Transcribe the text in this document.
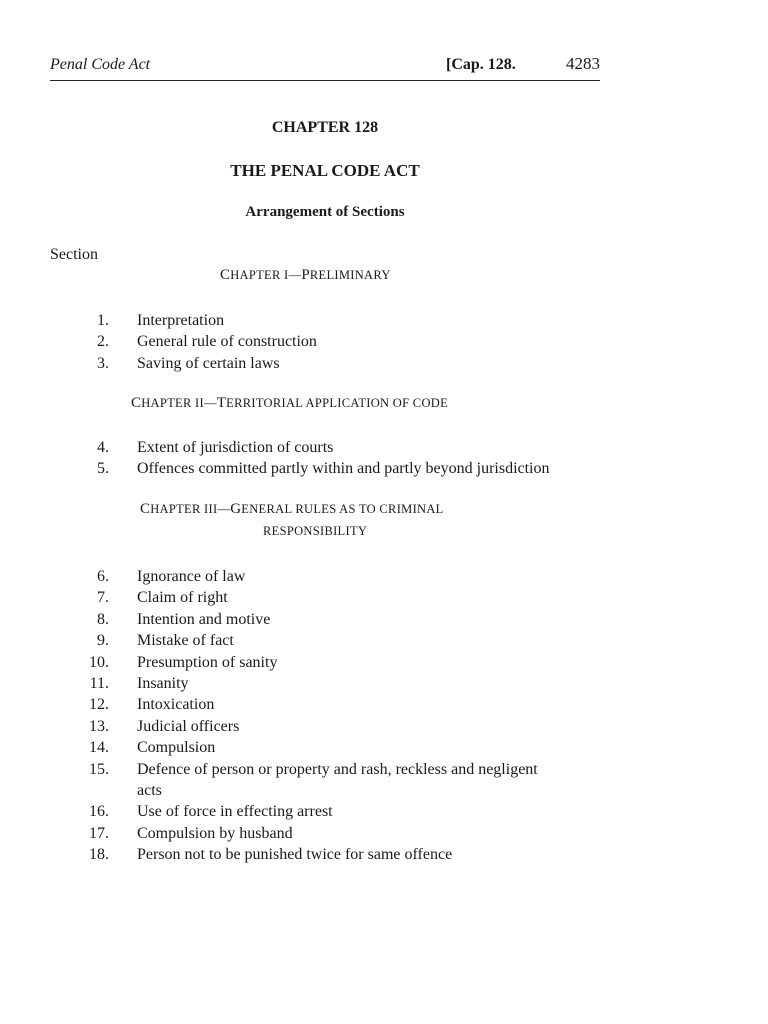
Penal Code Act	[Cap. 128.	4283
CHAPTER 128
THE PENAL CODE ACT
Arrangement of Sections
Section
CHAPTER I—PRELIMINARY
1. Interpretation
2. General rule of construction
3. Saving of certain laws
CHAPTER II—TERRITORIAL APPLICATION OF CODE
4. Extent of jurisdiction of courts
5. Offences committed partly within and partly beyond jurisdiction
CHAPTER III—GENERAL RULES AS TO CRIMINAL
RESPONSIBILITY
6. Ignorance of law
7. Claim of right
8. Intention and motive
9. Mistake of fact
10. Presumption of sanity
11. Insanity
12. Intoxication
13. Judicial officers
14. Compulsion
15. Defence of person or property and rash, reckless and negligent
acts
16. Use of force in effecting arrest
17. Compulsion by husband
18. Person not to be punished twice for same offence
